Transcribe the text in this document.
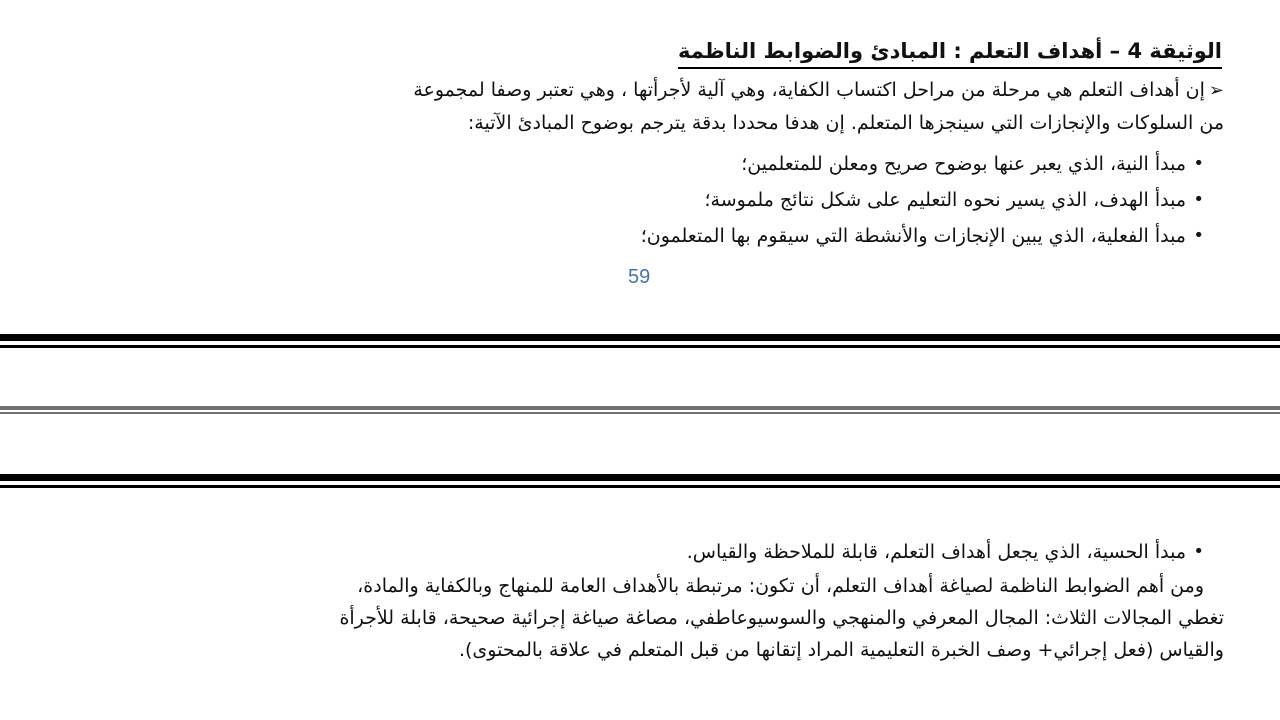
الوثيقة 4 – أهداف التعلم : المبادئ والضوابط الناظمة

➢إن أهداف التعلم هي مرحلة من مراحل اكتساب الكفاية، وهي آلية لأجرأتها ، وهي تعتبر وصفا لمجموعة

من السلوكات والإنجازات التي سينجزها المتعلم. إن هدفا محددا بدقة يترجم بوضوح المبادئ الآتية:

• مبدأ النية، الذي يعبر عنها بوضوح صريح ومعلن للمتعلمين؛
• مبدأ الهدف، الذي يسير نحوه التعليم على شكل نتائج ملموسة؛
• مبدأ الفعلية، الذي يبين الإنجازات والأنشطة التي سيقوم بها المتعلمون؛
59
• مبدأ الحسية، الذي يجعل أهداف التعلم، قابلة للملاحظة والقياس.

ومن أهم الضوابط الناظمة لصياغة أهداف التعلم، أن تكون: مرتبطة بالأهداف العامة للمنهاج وبالكفاية والمادة،

تغطي المجالات الثلاث: المجال المعرفي والمنهجي والسوسيوعاطفي، مصاغة صياغة إجرائية صحيحة، قابلة للأجرأة

والقياس (فعل إجرائي+ وصف الخبرة التعليمية المراد إتقانها من قبل المتعلم في علاقة بالمحتوى).
